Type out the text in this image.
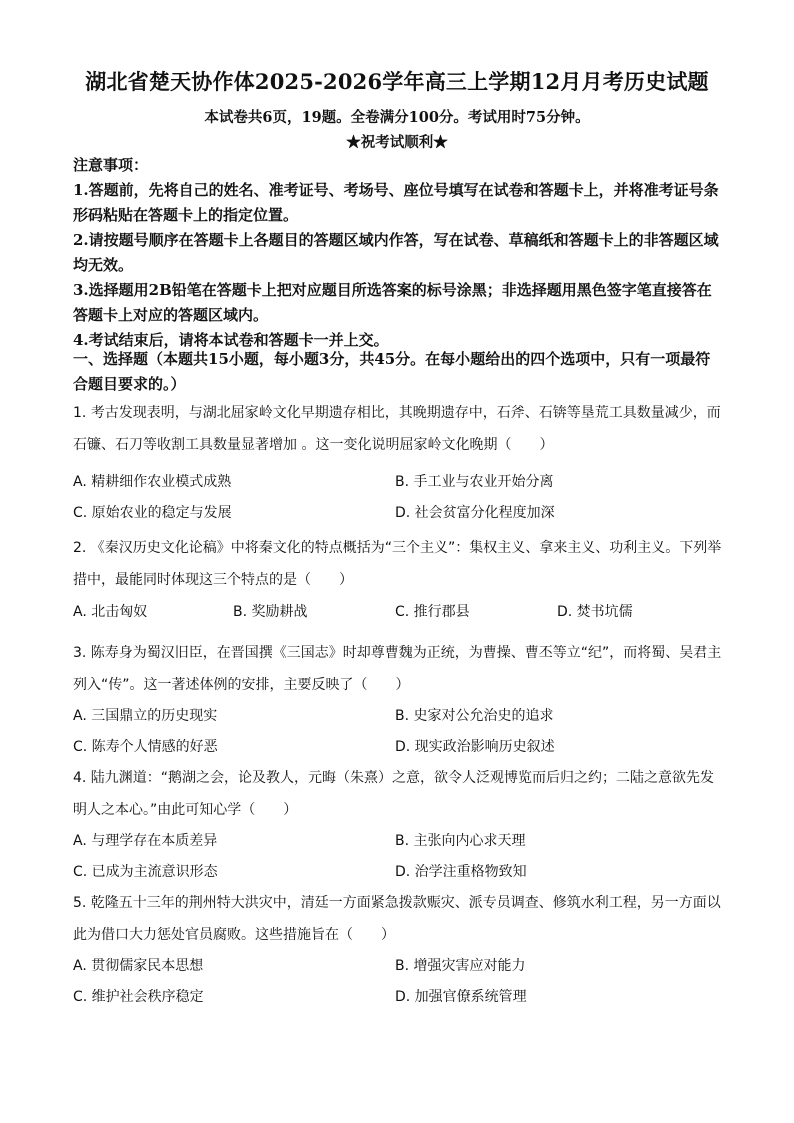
湖北省楚天协作体2025-2026学年高三上学期12月月考历史试题
本试卷共6页，19题。全卷满分100分。考试用时75分钟。
★祝考试顺利★
注意事项：
1.答题前，先将自己的姓名、准考证号、考场号、座位号填写在试卷和答题卡上，并将准考证号条形码粘贴在答题卡上的指定位置。
2.请按题号顺序在答题卡上各题目的答题区域内作答，写在试卷、草稿纸和答题卡上的非答题区域均无效。
3.选择题用2B铅笔在答题卡上把对应题目所选答案的标号涂黑；非选择题用黑色签字笔直接答在答题卡上对应的答题区域内。
4.考试结束后，请将本试卷和答题卡一并上交。
一、选择题（本题共15小题，每小题3分，共45分。在每小题给出的四个选项中，只有一项最符合题目要求的。）
1. 考古发现表明，与湖北屈家岭文化早期遗存相比，其晚期遗存中，石斧、石锛等垦荒工具数量减少，而石镰、石刀等收割工具数量显著增加 。这一变化说明屈家岭文化晚期（　　）
A. 精耕细作农业模式成熟	B. 手工业与农业开始分离
C. 原始农业的稳定与发展	D. 社会贫富分化程度加深
2. 《秦汉历史文化论稿》中将秦文化的特点概括为“三个主义”：集权主义、拿来主义、功利主义。下列举措中，最能同时体现这三个特点的是（　　）
A. 北击匈奴	B. 奖励耕战	C. 推行郡县	D. 焚书坑儒
3. 陈寿身为蜀汉旧臣，在晋国撰《三国志》时却尊曹魏为正统，为曹操、曹丕等立“纪”，而将蜀、吴君主列入“传”。这一著述体例的安排，主要反映了（　　）
A. 三国鼎立的历史现实	B. 史家对公允治史的追求
C. 陈寿个人情感的好恶	D. 现实政治影响历史叙述
4. 陆九渊道：“鹅湖之会，论及教人，元晦（朱熹）之意，欲令人泛观博览而后归之约；二陆之意欲先发明人之本心。”由此可知心学（　　）
A. 与理学存在本质差异	B. 主张向内心求天理
C. 已成为主流意识形态	D. 治学注重格物致知
5. 乾隆五十三年的荆州特大洪灾中，清廷一方面紧急拨款赈灾、派专员调查、修筑水利工程，另一方面以此为借口大力惩处官员腐败。这些措施旨在（　　）
A. 贯彻儒家民本思想	B. 增强灾害应对能力
C. 维护社会秩序稳定	D. 加强官僚系统管理
